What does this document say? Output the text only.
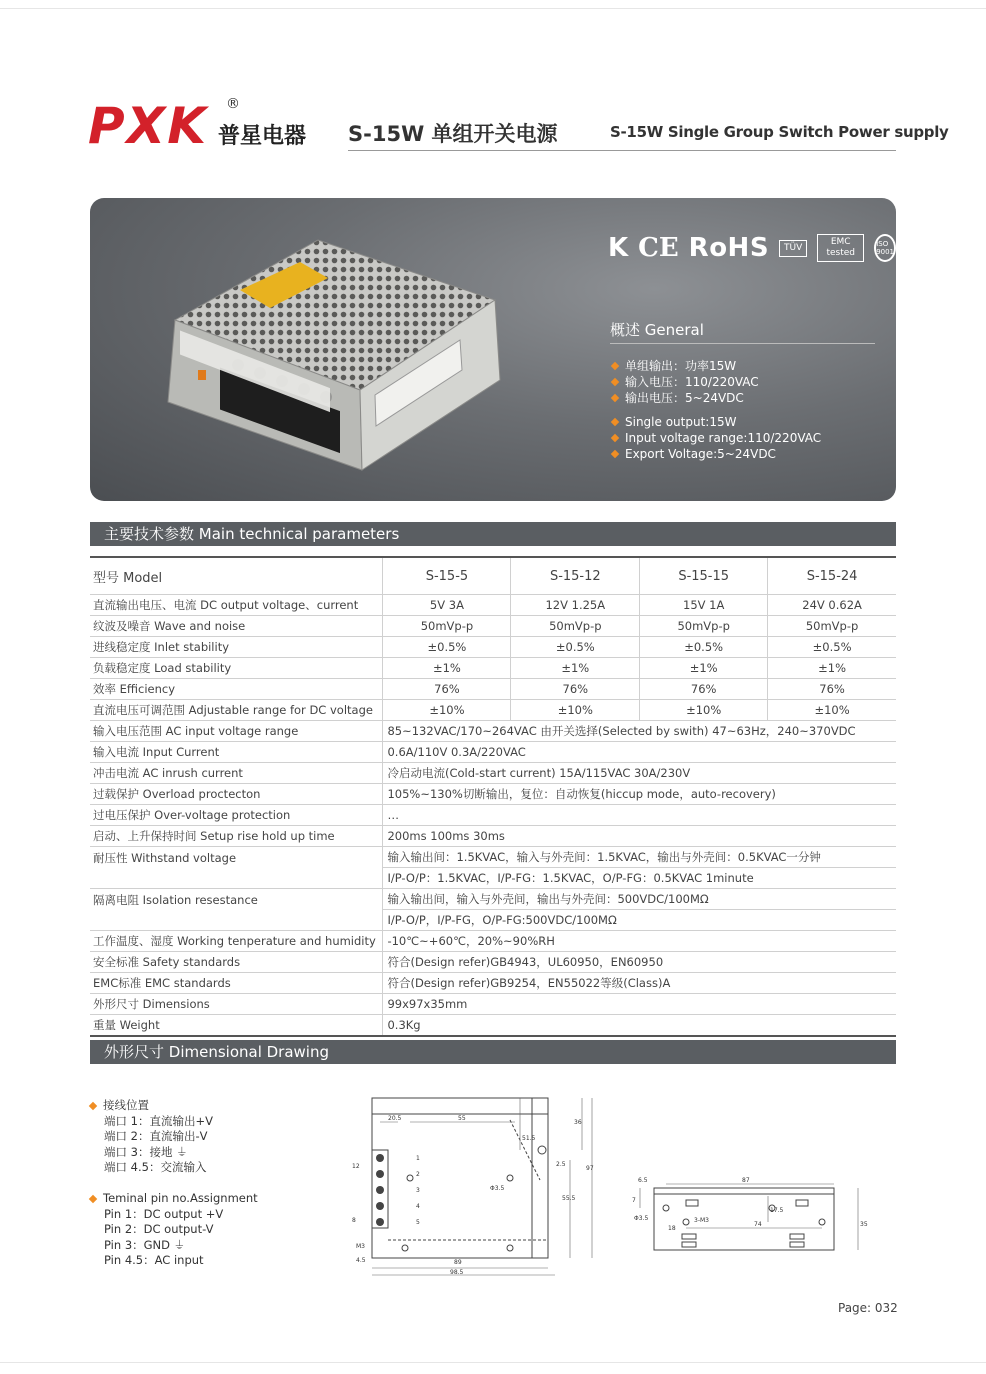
PXK ®
普星电器 S-15W 单组开关电源	S-15W Single Group Switch Power supply
K CE RoHS	TÜV
EMC tested
ISO 9001
概述 General
单组输出：功率15W
输入电压：110/220VAC
输出电压：5~24VDC
Single output:15W
Input voltage range:110/220VAC
Export Voltage:5~24VDC
主要技术参数 Main technical parameters
型号 Model	S-15-5	S-15-12	S-15-15	S-15-24
直流输出电压、电流 DC output voltage、current	5V 3A	12V 1.25A	15V 1A	24V 0.62A
纹波及噪音 Wave and noise	50mVp-p	50mVp-p	50mVp-p	50mVp-p
进线稳定度 Inlet stability	±0.5%	±0.5%	±0.5%	±0.5%
负载稳定度 Load stability	±1%	±1%	±1%	±1%
效率 Efficiency	76%	76%	76%	76%
直流电压可调范围 Adjustable range for DC voltage	±10%	±10%	±10%	±10%
输入电压范围 AC input voltage range	85~132VAC/170~264VAC 由开关选择(Selected by swith) 47~63Hz，240~370VDC			
输入电流 Input Current	0.6A/110V 0.3A/220VAC			
冲击电流 AC inrush current	冷启动电流(Cold-start current) 15A/115VAC 30A/230V			
过载保护 Overload proctecton	105%~130%切断输出，复位：自动恢复(hiccup mode，auto-recovery)			
过电压保护 Over-voltage protection	…			
启动、上升保持时间 Setup rise hold up time	200ms 100ms 30ms			
耐压性 Withstand voltage	输入输出间：1.5KVAC，输入与外壳间：1.5KVAC，输出与外壳间：0.5KVAC一分钟			
	I/P-O/P：1.5KVAC，I/P-FG：1.5KVAC，O/P-FG：0.5KVAC 1minute			
隔离电阻 Isolation resestance	输入输出间，输入与外壳间，输出与外壳间：500VDC/100MΩ			
	I/P-O/P，I/P-FG，O/P-FG:500VDC/100MΩ			
工作温度、湿度 Working tenperature and humidity	-10℃~+60℃，20%~90%RH			
安全标准 Safety standards	符合(Design refer)GB4943，UL60950，EN60950			
EMC标准 EMC standards	符合(Design refer)GB9254，EN55022等级(Class)A			
外形尺寸 Dimensions	99x97x35mm			
重量 Weight	0.3Kg			
外形尺寸 Dimensional Drawing
接线位置
端口 1：直流输出+V
端口 2：直流输出-V
端口 3：接地 ⏚
端口 4.5：交流输入
Teminal pin no.Assignment
Pin 1：DC output +V
Pin 2：DC output-V
Pin 3：GND ⏚
Pin 4.5：AC input
20.5	55
89
98.5
36
97
51.5
55.5
2.5
4.5
Φ3.5
M3
12
8
1
2
3
4
5
6.5	87
74
18
35
17.5
7
Φ3.5	3-M3
Page: 032
